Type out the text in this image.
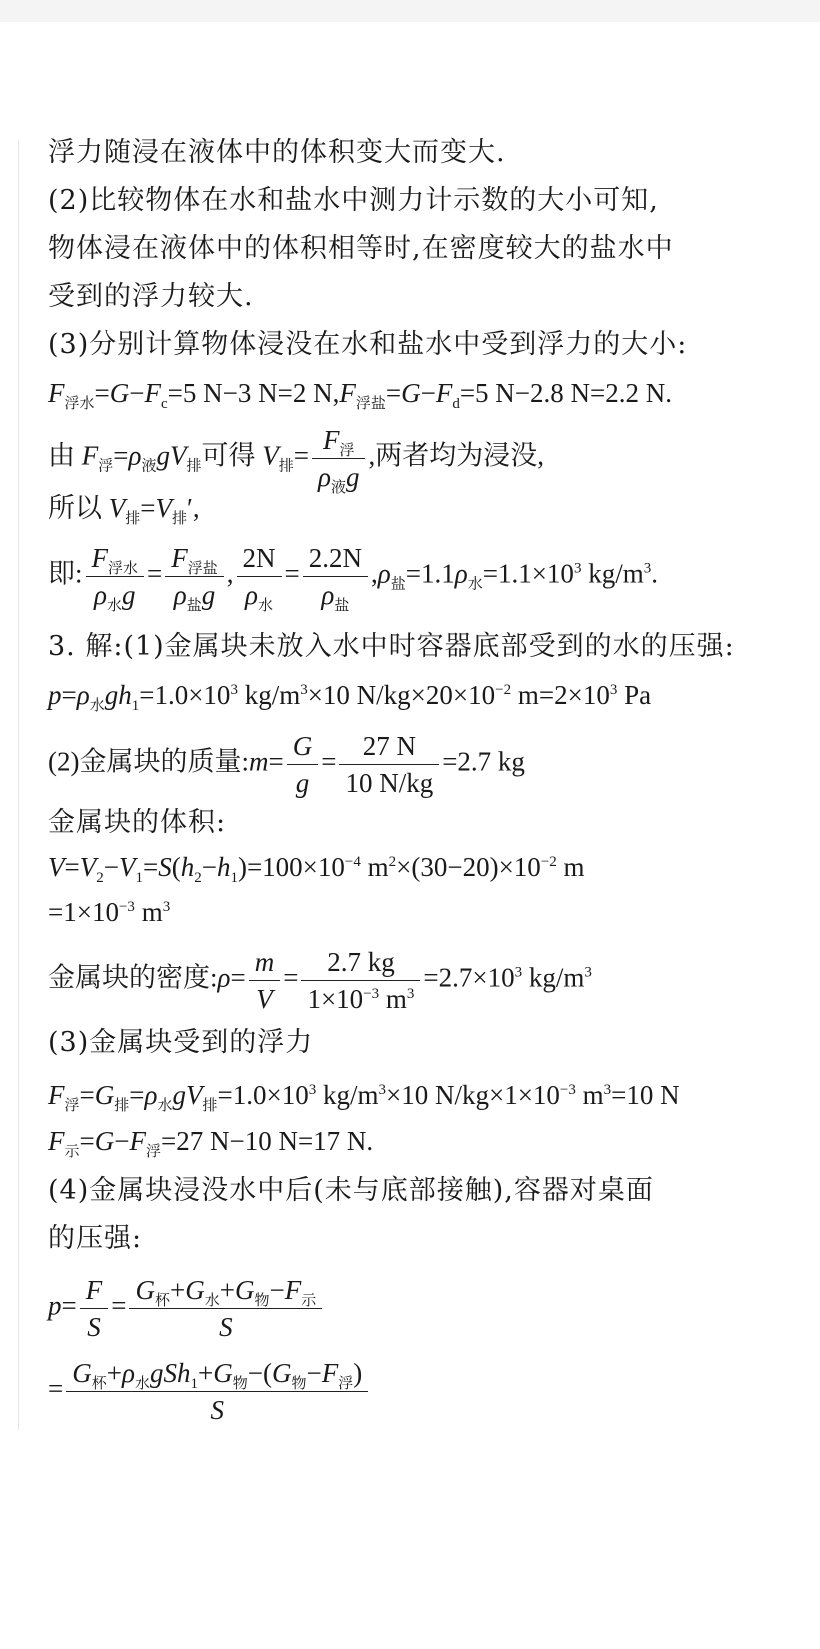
浮力随浸在液体中的体积变大而变大.
(2)比较物体在水和盐水中测力计示数的大小可知,
物体浸在液体中的体积相等时,在密度较大的盐水中
受到的浮力较大.
(3)分别计算物体浸没在水和盐水中受到浮力的大小:
$F_{浮水}=G-F_c=5$ N−3 N=2 $N,F_{浮盐}=G-F_d=5$ N−2.8 N=2.2 N.
由 $F_浮=\rho_液gV_排$可得 $V_排= \frac{F_浮}{\rho_液g}$ ,两者均为浸没,
所以 $V_排=V_排'$,
即: $\frac{F_{浮水}}{\rho_水g} = \frac{F_{浮盐}}{\rho_盐g}$ , $\frac{2N}{\rho_水} = \frac{2.2N}{\rho_盐} ,\rho_盐=1.1\rho_水=1.1\times 10^3$ $kg/m^3$.
3. 解:(1)金属块未放入水中时容器底部受到的水的压强:
$p=\rho_水gh_1=1.0\times 10^3$ $kg/m^3\times 10$ $N/kg\times 20\times 10^{-2}$ $m=2\times 10^3$ Pa
(2)金属块的质量:m= $\frac{G}{g} = \frac{27 N}{10 N/kg} =2.7$ kg
金属块的体积:
$V=V_2-V_1=S(h_2-h_1)=100\times 10^{-4}$ $m^2\times(30-20)\times 10^{-2}$ m
$=1\times 10^{-3}$ $m^3$
金属块的密度:ρ= $\frac{m}{V} = \frac{2.7 kg}{1\times 10^{-3} m^3} =2.7\times 10^3$ $kg/m^3$
(3)金属块受到的浮力
$F_浮=G_排=\rho_水gV_排=1.0\times 10^3$ $kg/m^3\times 10$ $N/kg\times 1\times 10^{-3}$ $m^3=10$ N
$F_示=G-F_浮=27$ N−10 N=17 N.
(4)金属块浸没水中后(未与底部接触),容器对桌面
的压强:
$p= \frac{F}{S} = \frac{G_杯+G_水+G_物-F_示}{S}$
= $\frac{G_杯+\rho_水gSh_1+G_物-(G_物-F_浮)}{S}$
